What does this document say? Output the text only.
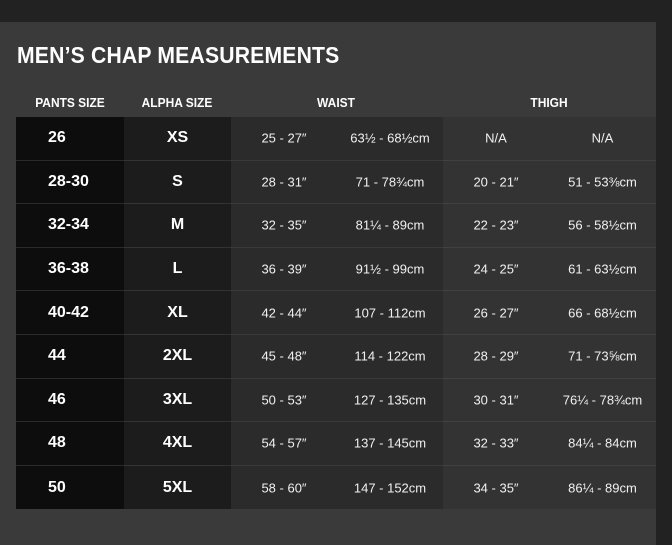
MEN’S CHAP MEASUREMENTS
PANTS SIZE	ALPHA SIZE	WAIST	THIGH
26	XS	25 - 27″	63½ - 68½cm	N/A	N/A
28-30	S	28 - 31″	71 - 78¾cm	20 - 21″	51 - 53⅜cm
32-34	M	32 - 35″	81¼ - 89cm	22 - 23″	56 - 58½cm
36-38	L	36 - 39″	91½ - 99cm	24 - 25″	61 - 63½cm
40-42	XL	42 - 44″	107 - 112cm	26 - 27″	66 - 68½cm
44	2XL	45 - 48″	114 - 122cm	28 - 29″	71 - 73⅝cm
46	3XL	50 - 53″	127 - 135cm	30 - 31″	76¼ - 78¾cm
48	4XL	54 - 57″	137 - 145cm	32 - 33″	84¼ - 84cm
50	5XL	58 - 60″	147 - 152cm	34 - 35″	86¼ - 89cm
